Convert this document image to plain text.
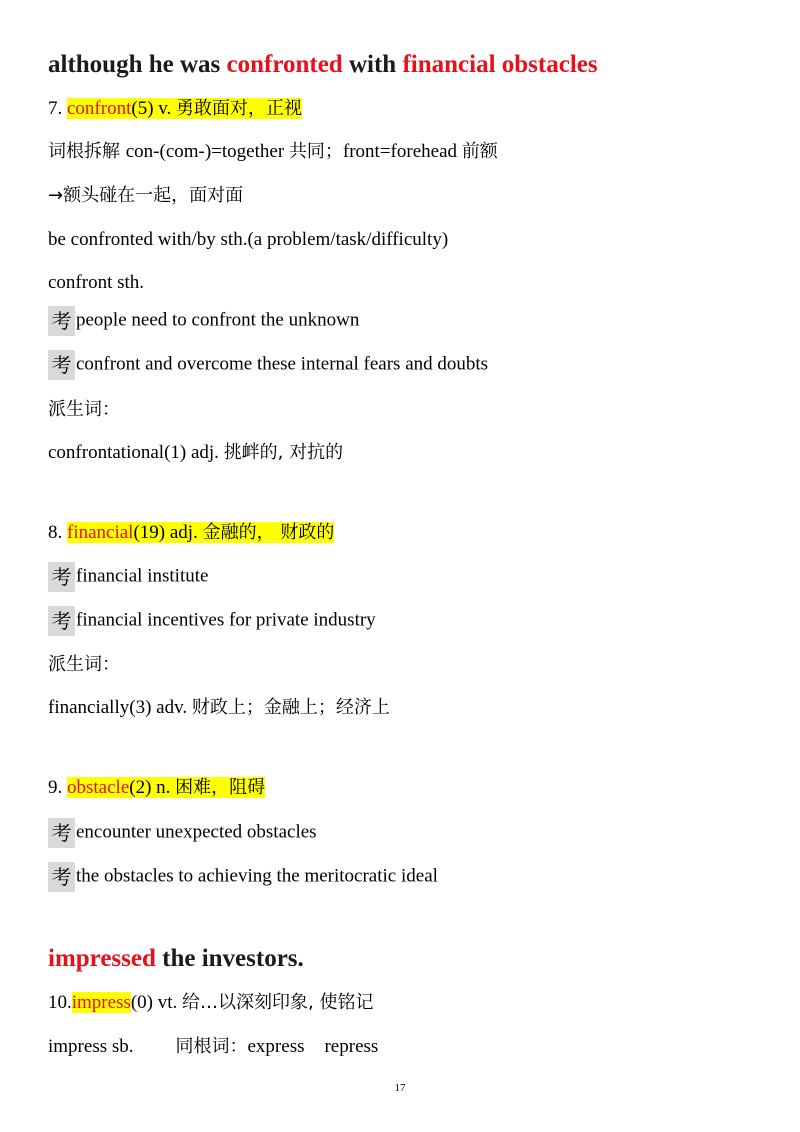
although he was confronted with financial obstacles
7. confront(5) v. 勇敢面对，正视
词根拆解 con-(com-)=together 共同；front=forehead 前额
→额头碰在一起，面对面
be confronted with/by sth.(a problem/task/difficulty)
confront sth.
考 people need to confront the unknown
考 confront and overcome these internal fears and doubts
派生词：
confrontational(1) adj. 挑衅的, 对抗的
8. financial(19) adj. 金融的， 财政的
考 financial institute
考 financial incentives for private industry
派生词：
financially(3) adv. 财政上；金融上；经济上
9. obstacle(2) n. 困难，阻碍
考 encounter unexpected obstacles
考 the obstacles to achieving the meritocratic ideal
impressed the investors.
10.impress(0) vt. 给…以深刻印象, 使铭记
impress sb. 同根词：express repress
17
